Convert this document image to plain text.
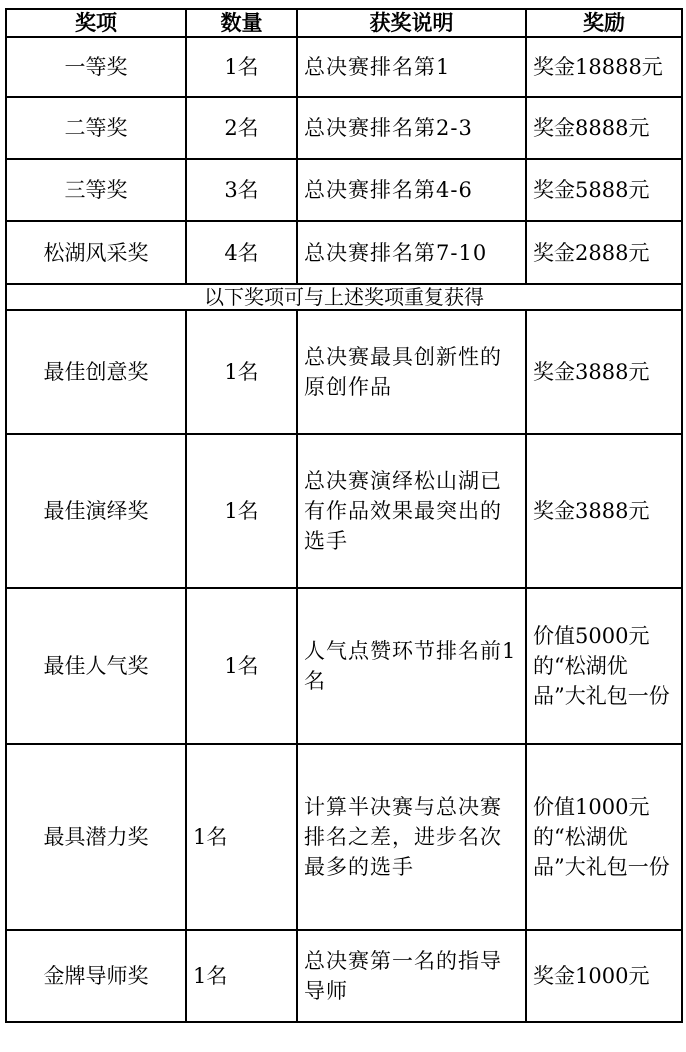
奖项	数量	获奖说明	奖励
一等奖	1名	总决赛排名第1	奖金18888元
二等奖	2名	总决赛排名第2-3	奖金8888元
三等奖	3名	总决赛排名第4-6	奖金5888元
松湖风采奖	4名	总决赛排名第7-10	奖金2888元
以下奖项可与上述奖项重复获得			
最佳创意奖	1名	总决赛最具创新性的原创作品	奖金3888元
最佳演绎奖	1名	总决赛演绎松山湖已有作品效果最突出的选手	奖金3888元
最佳人气奖	1名	人气点赞环节排名前1名	价值5000元的“松湖优品”大礼包一份
最具潜力奖	1名	计算半决赛与总决赛排名之差，进步名次最多的选手	价值1000元的“松湖优品”大礼包一份
金牌导师奖	1名	总决赛第一名的指导导师	奖金1000元
